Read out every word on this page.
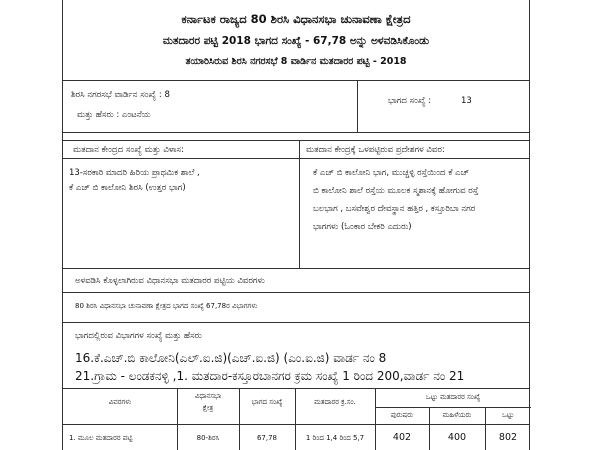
ಕರ್ನಾಟಕ ರಾಜ್ಯದ 80 ಶಿರಸಿ ವಿಧಾನಸಭಾ ಚುನಾವಣಾ ಕ್ಷೇತ್ರದ
ಮತದಾರರ ಪಟ್ಟಿ 2018 ಭಾಗದ ಸಂಖ್ಯೆ - 67,78 ಅನ್ನು ಅಳವಡಿಸಿಕೊಂಡು
ತಯಾರಿಸಿರುವ ಶಿರಸಿ ನಗರಸಭೆ 8 ವಾರ್ಡಿನ ಮತದಾರರ ಪಟ್ಟಿ - 2018
ಶಿರಸಿ ನಗರಸಭೆ ವಾರ್ಡಿನ ಸಂಖ್ಯೆ : 8
ಮತ್ತು ಹೆಸರು : ಎಂಟನೆಯ
ಭಾಗದ ಸಂಖ್ಯೆ :	13
ಮತದಾನ ಕೇಂದ್ರದ ಸಂಖ್ಯೆ ಮತ್ತು ವಿಳಾಸ:
13-ಸರಕಾರಿ ಮಾದರಿ ಹಿರಿಯ ಪ್ರಾಥಮಿಕ ಶಾಲೆ ,
ಕೆ ಎಚ್ ಬಿ ಕಾಲೋನಿ ಶಿರಸಿ (ಉತ್ತರ ಭಾಗ)
ಮತದಾನ ಕೇಂದ್ರಕ್ಕೆ ಒಳಪಟ್ಟಿರುವ ಪ್ರದೇಶಗಳ ವಿವರ:
ಕೆ ಎಚ್ ಬಿ ಕಾಲೋನಿ ಭಾಗ, ಮುಚ್ಚಳ್ಳಿ ರಸ್ತೆಯಿಂದ ಕೆ ಎಚ್
ಬಿ ಕಾಲೋನಿ ಶಾಲೆ ರಸ್ತೆಯ ಮೂಲಕ ಸ್ಮಶಾನಕ್ಕೆ ಹೋಗುವ ರಸ್ತೆ
ಬಲಭಾಗ , ಬಸವೇಶ್ವರ ದೇವಸ್ಥಾನ ಹತ್ತಿರ , ಕಸ್ತೂರಿಬಾ ನಗರ
ಭಾಗಗಳು (ಓಂಕಾರ ಬೇಕರಿ ಎದುರು)
ಅಳವಡಿಸಿ ಕೊಳ್ಳಲಾಗಿರುವ ವಿಧಾನಸಭಾ ಮತದಾರರ ಪಟ್ಟಿಯ ವಿವರಗಳು
80 ಶಿರಸಿ ವಿಧಾನಸಭಾ ಚುನಾವಣಾ ಕ್ಷೇತ್ರದ ಭಾಗದ ಸಂಖ್ಯೆ 67,78ರ ವಿಭಾಗಗಳು
ಭಾಗದಲ್ಲಿರುವ ವಿಭಾಗಗಳ ಸಂಖ್ಯೆ ಮತ್ತು ಹೆಸರು
16.ಕೆ.ಎಚ್.ಬಿ ಕಾಲೋನಿ(ಎಲ್.ಐ.ಜಿ)(ಎಚ್.ಐ.ಜಿ) (ಎಂ.ಐ.ಜಿ) ವಾರ್ಡ ನಂ 8
21.ಗ್ರಾಮ - ಲಂಡಕನಳ್ಳಿ ,1. ಮತದಾರ-ಕಸ್ತೂರಬಾನಗರ ಕ್ರಮ ಸಂಖ್ಯೆ 1 ರಿಂದ 200,ವಾರ್ಡ ನಂ 21
ವಿವರಗಳು
ವಿಧಾನಸಭಾ
ಕ್ಷೇತ್ರ
ಭಾಗದ ಸಂಖ್ಯೆ	ಮತದಾರರ ಕ್ರ.ಸಂ.
ಒಟ್ಟು ಮತದಾರರ ಸಂಖ್ಯೆ
ಪುರುಷರು	ಮಹಿಳೆಯರು	ಒಟ್ಟು
1. ಮೂಲ ಮತದಾರರ ಪಟ್ಟಿ	80-ಶಿರಸಿ	67,78	1 ರಿಂದ 1,4 ರಿಂದ 5,7	402	400	802
